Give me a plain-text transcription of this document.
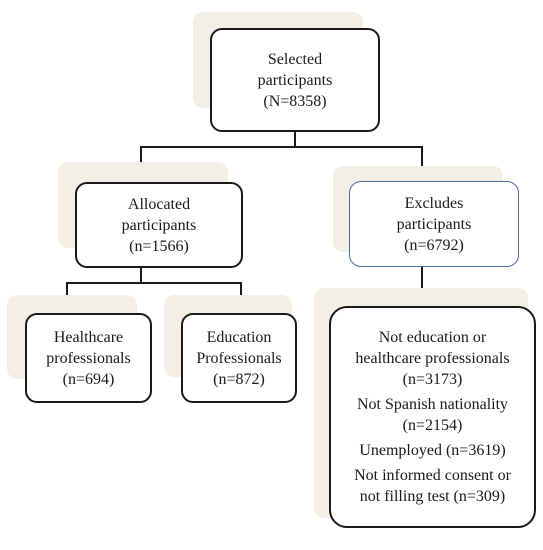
Selected
participants
(N=8358)
Allocated
participants
(n=1566)
Excludes
participants
(n=6792)
Healthcare
professionals
(n=694)
Education
Professionals
(n=872)
Not education or
healthcare professionals
(n=3173)
Not Spanish nationality
(n=2154)
Unemployed (n=3619)
Not informed consent or
not filling test (n=309)
